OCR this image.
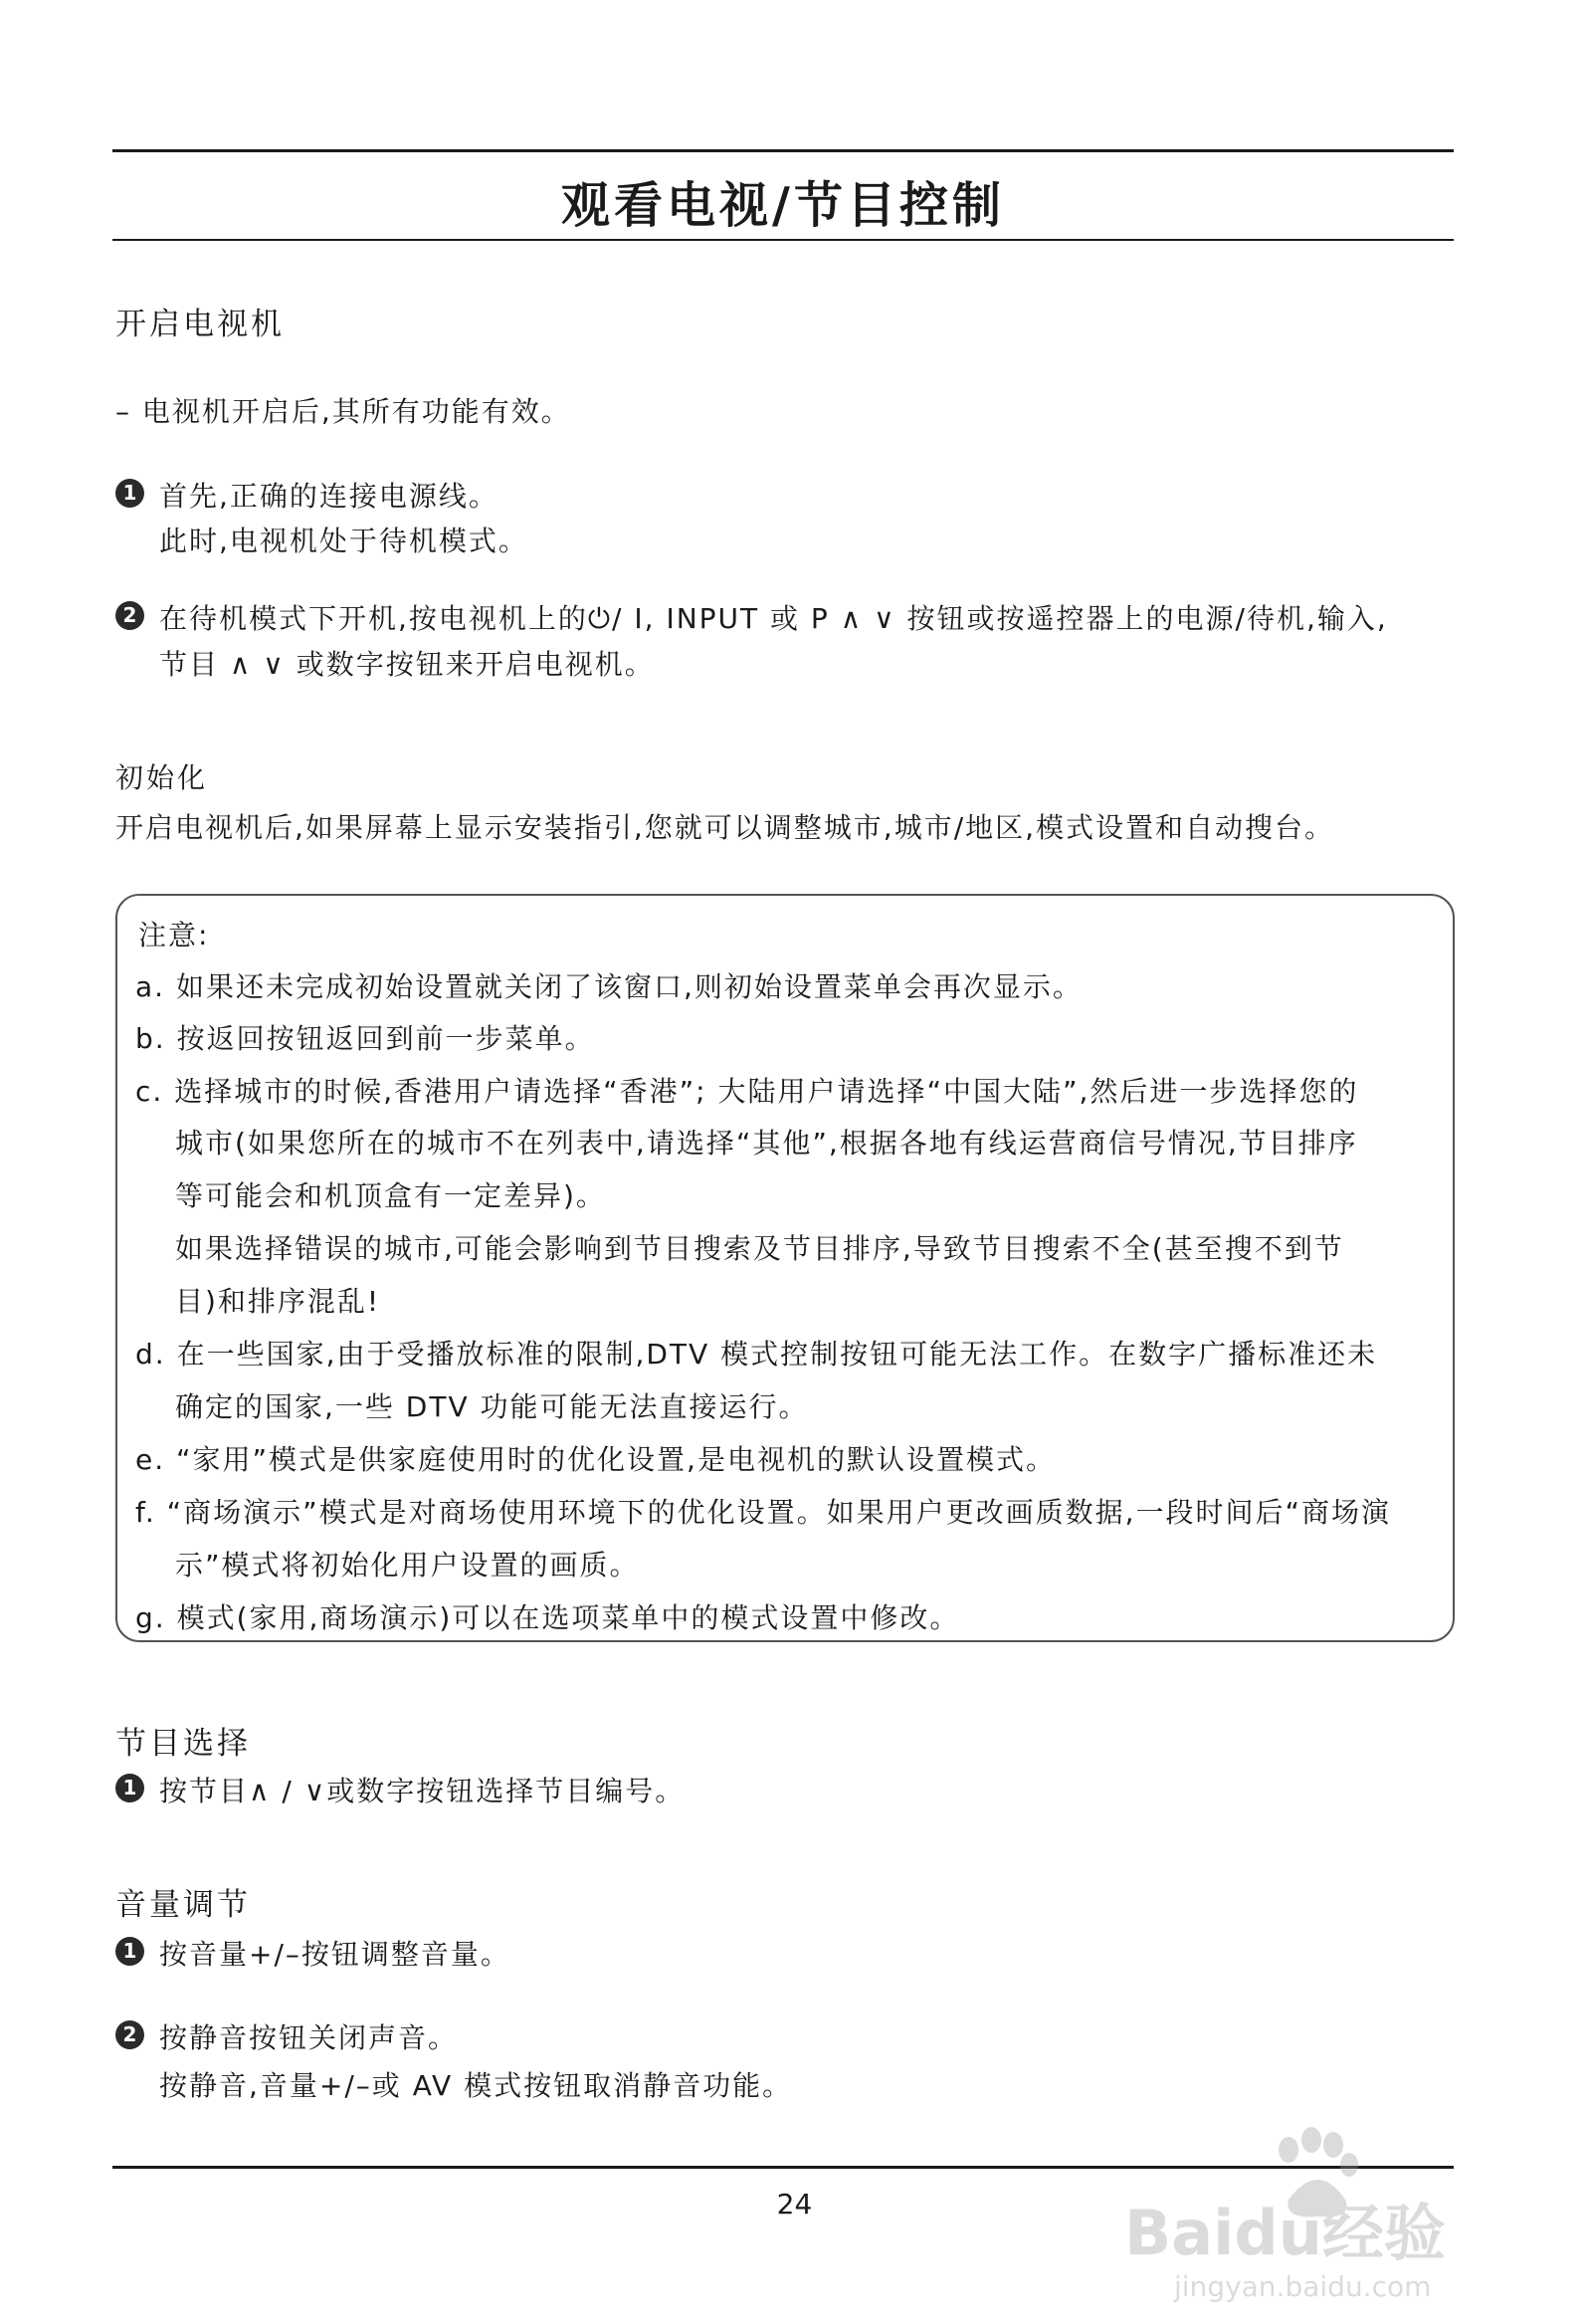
观看电视/节目控制
开启电视机
– 电视机开启后,其所有功能有效。
1 首先,正确的连接电源线。
此时,电视机处于待机模式。
2 在待机模式下开机,按电视机上的⏻/ I, INPUT 或 P ∧ ∨ 按钮或按遥控器上的电源/待机,输入,
节目 ∧ ∨ 或数字按钮来开启电视机。
初始化
开启电视机后,如果屏幕上显示安装指引,您就可以调整城市,城市/地区,模式设置和自动搜台。
注意:
a. 如果还未完成初始设置就关闭了该窗口,则初始设置菜单会再次显示。
b. 按返回按钮返回到前一步菜单。
c. 选择城市的时候,香港用户请选择“香港”; 大陆用户请选择“中国大陆”,然后进一步选择您的
城市(如果您所在的城市不在列表中,请选择“其他”,根据各地有线运营商信号情况,节目排序
等可能会和机顶盒有一定差异)。
如果选择错误的城市,可能会影响到节目搜索及节目排序,导致节目搜索不全(甚至搜不到节
目)和排序混乱!
d. 在一些国家,由于受播放标准的限制,DTV 模式控制按钮可能无法工作。在数字广播标准还未
确定的国家,一些 DTV 功能可能无法直接运行。
e. “家用”模式是供家庭使用时的优化设置,是电视机的默认设置模式。
f. “商场演示”模式是对商场使用环境下的优化设置。如果用户更改画质数据,一段时间后“商场演
示”模式将初始化用户设置的画质。
g. 模式(家用,商场演示)可以在选项菜单中的模式设置中修改。
节目选择
1 按节目∧ / ∨或数字按钮选择节目编号。
音量调节
1 按音量+/–按钮调整音量。
2 按静音按钮关闭声音。
按静音,音量+/–或 AV 模式按钮取消静音功能。
24	Baidu经验
jingyan.baidu.com
